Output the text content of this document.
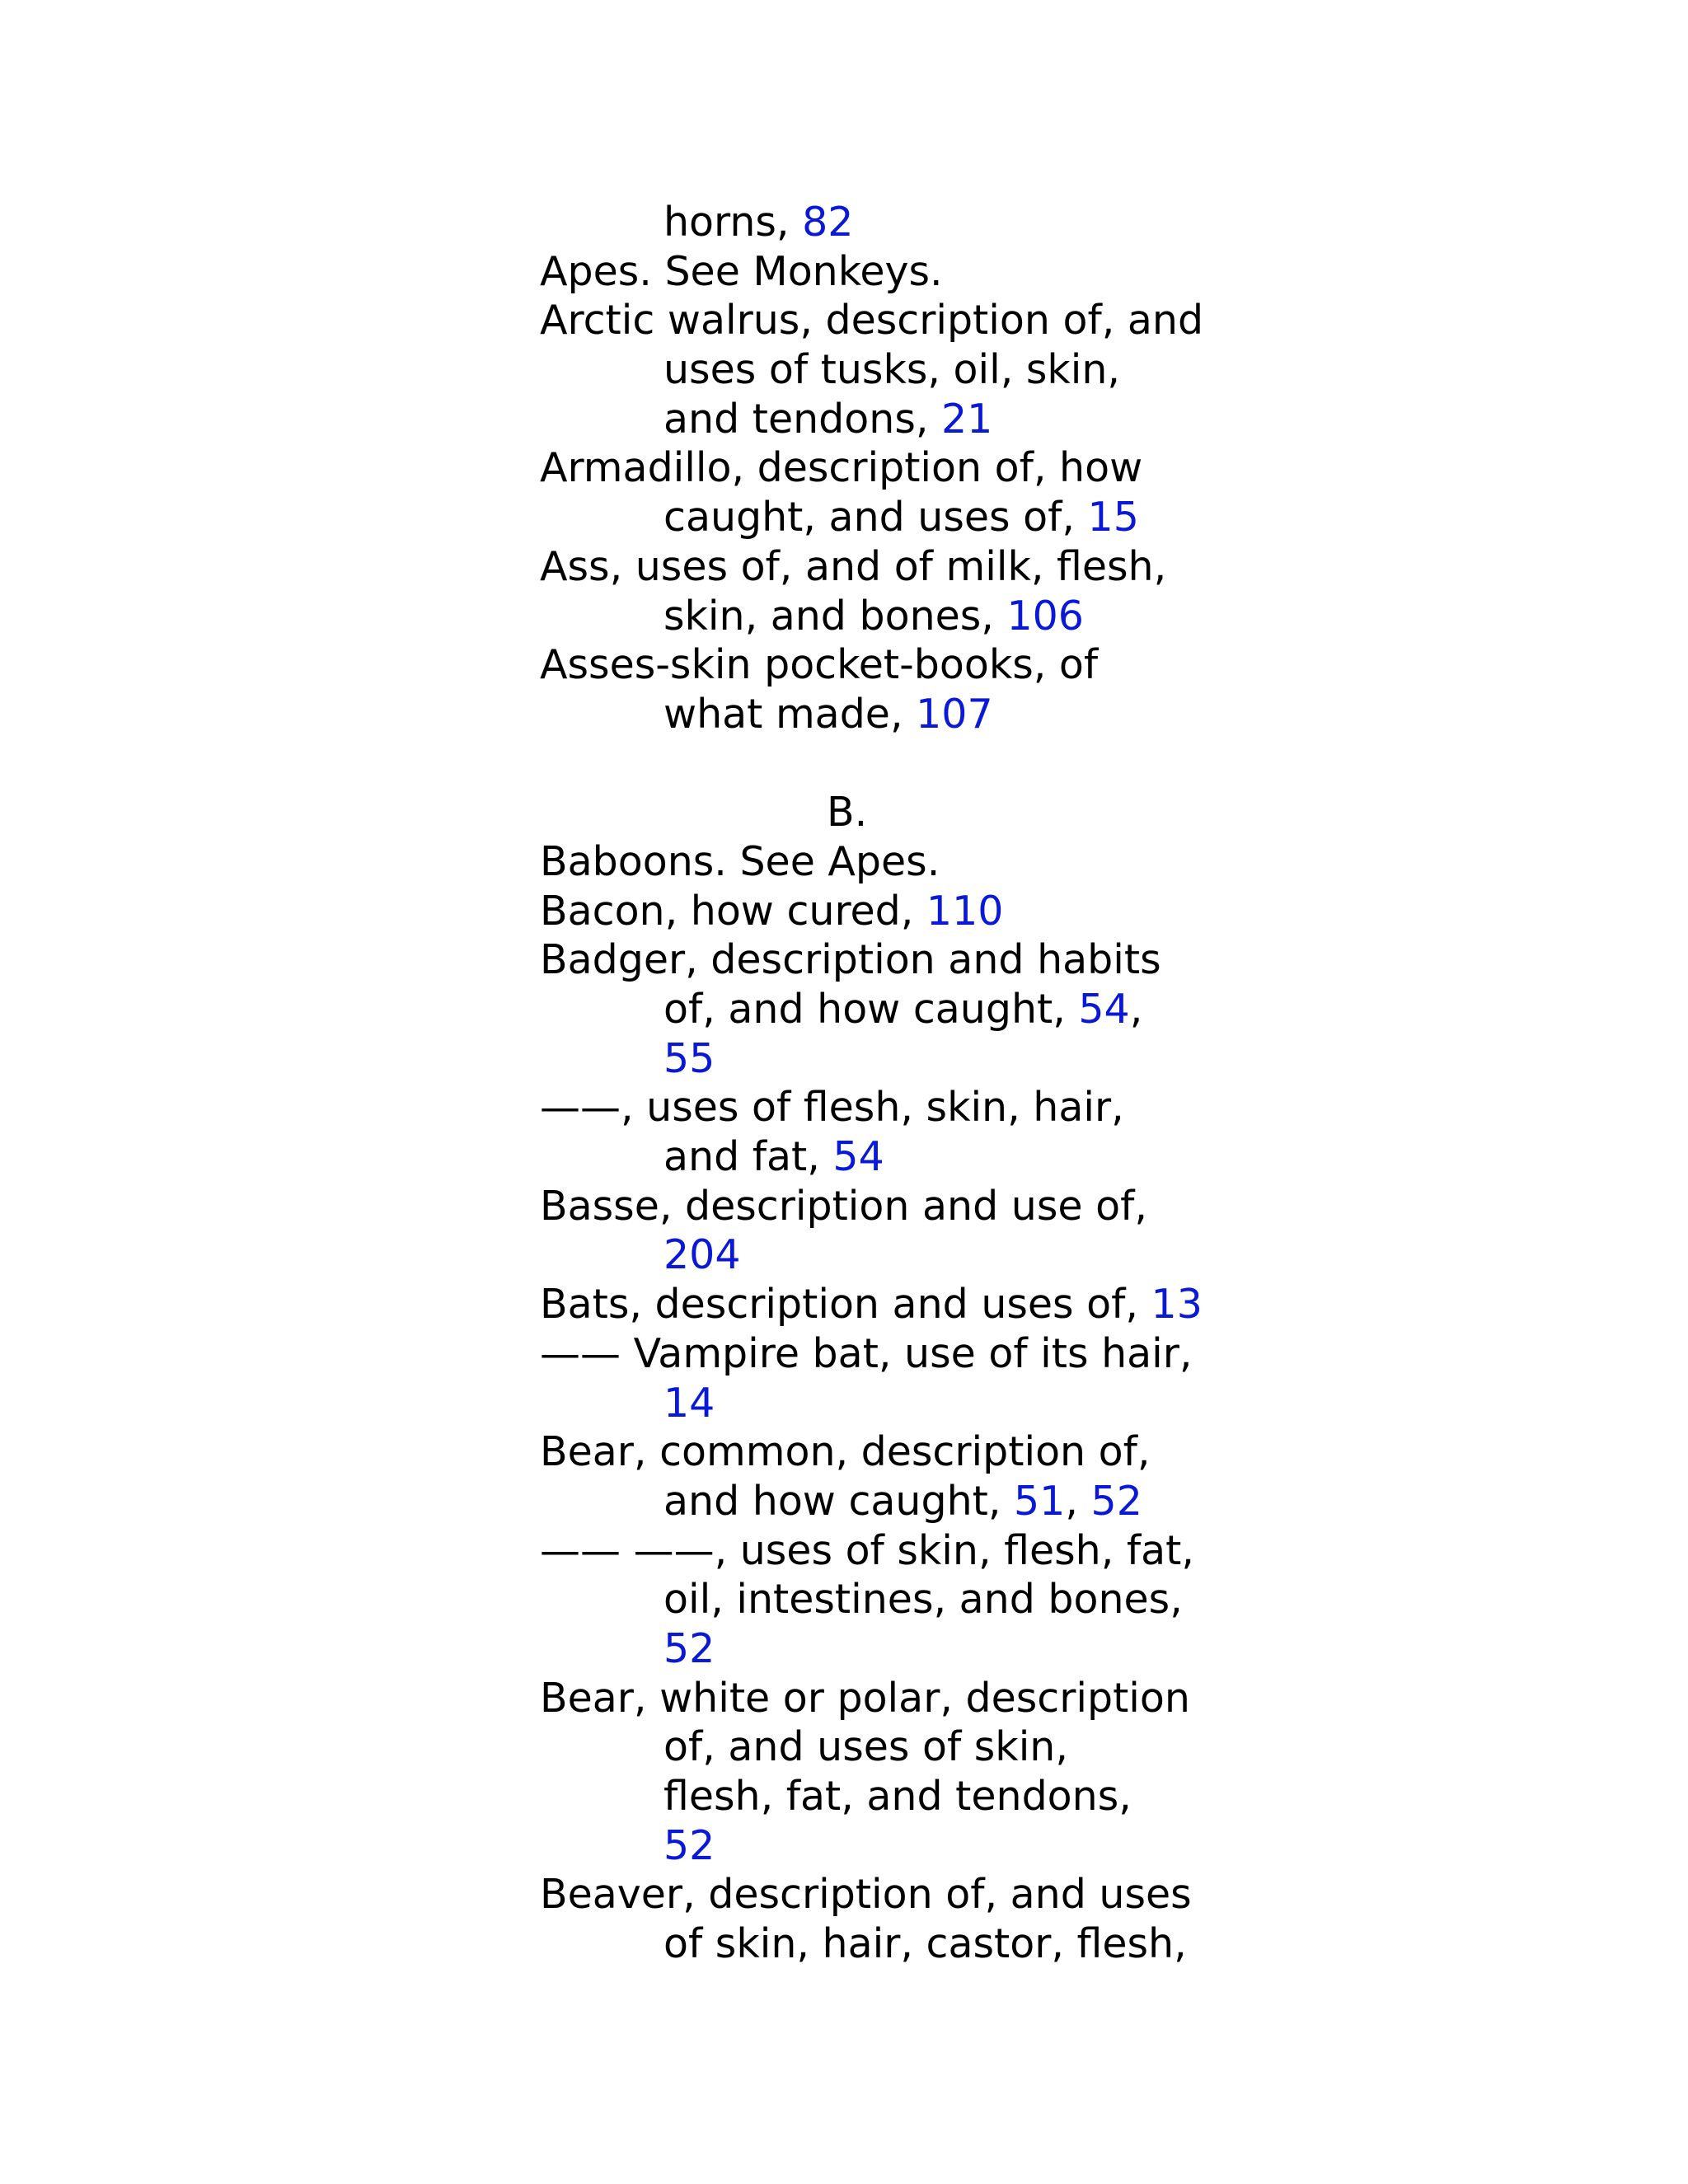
horns, 82
Apes. See Monkeys.
Arctic walrus, description of, and
uses of tusks, oil, skin,
and tendons, 21
Armadillo, description of, how
caught, and uses of, 15
Ass, uses of, and of milk, flesh,
skin, and bones, 106
Asses-skin pocket-books, of
what made, 107
B.
Baboons. See Apes.
Bacon, how cured, 110
Badger, description and habits
of, and how caught, 54,
55
——, uses of flesh, skin, hair,
and fat, 54
Basse, description and use of,
204
Bats, description and uses of, 13
—— Vampire bat, use of its hair,
14
Bear, common, description of,
and how caught, 51, 52
—— ——, uses of skin, flesh, fat,
oil, intestines, and bones,
52
Bear, white or polar, description
of, and uses of skin,
flesh, fat, and tendons,
52
Beaver, description of, and uses
of skin, hair, castor, flesh,
